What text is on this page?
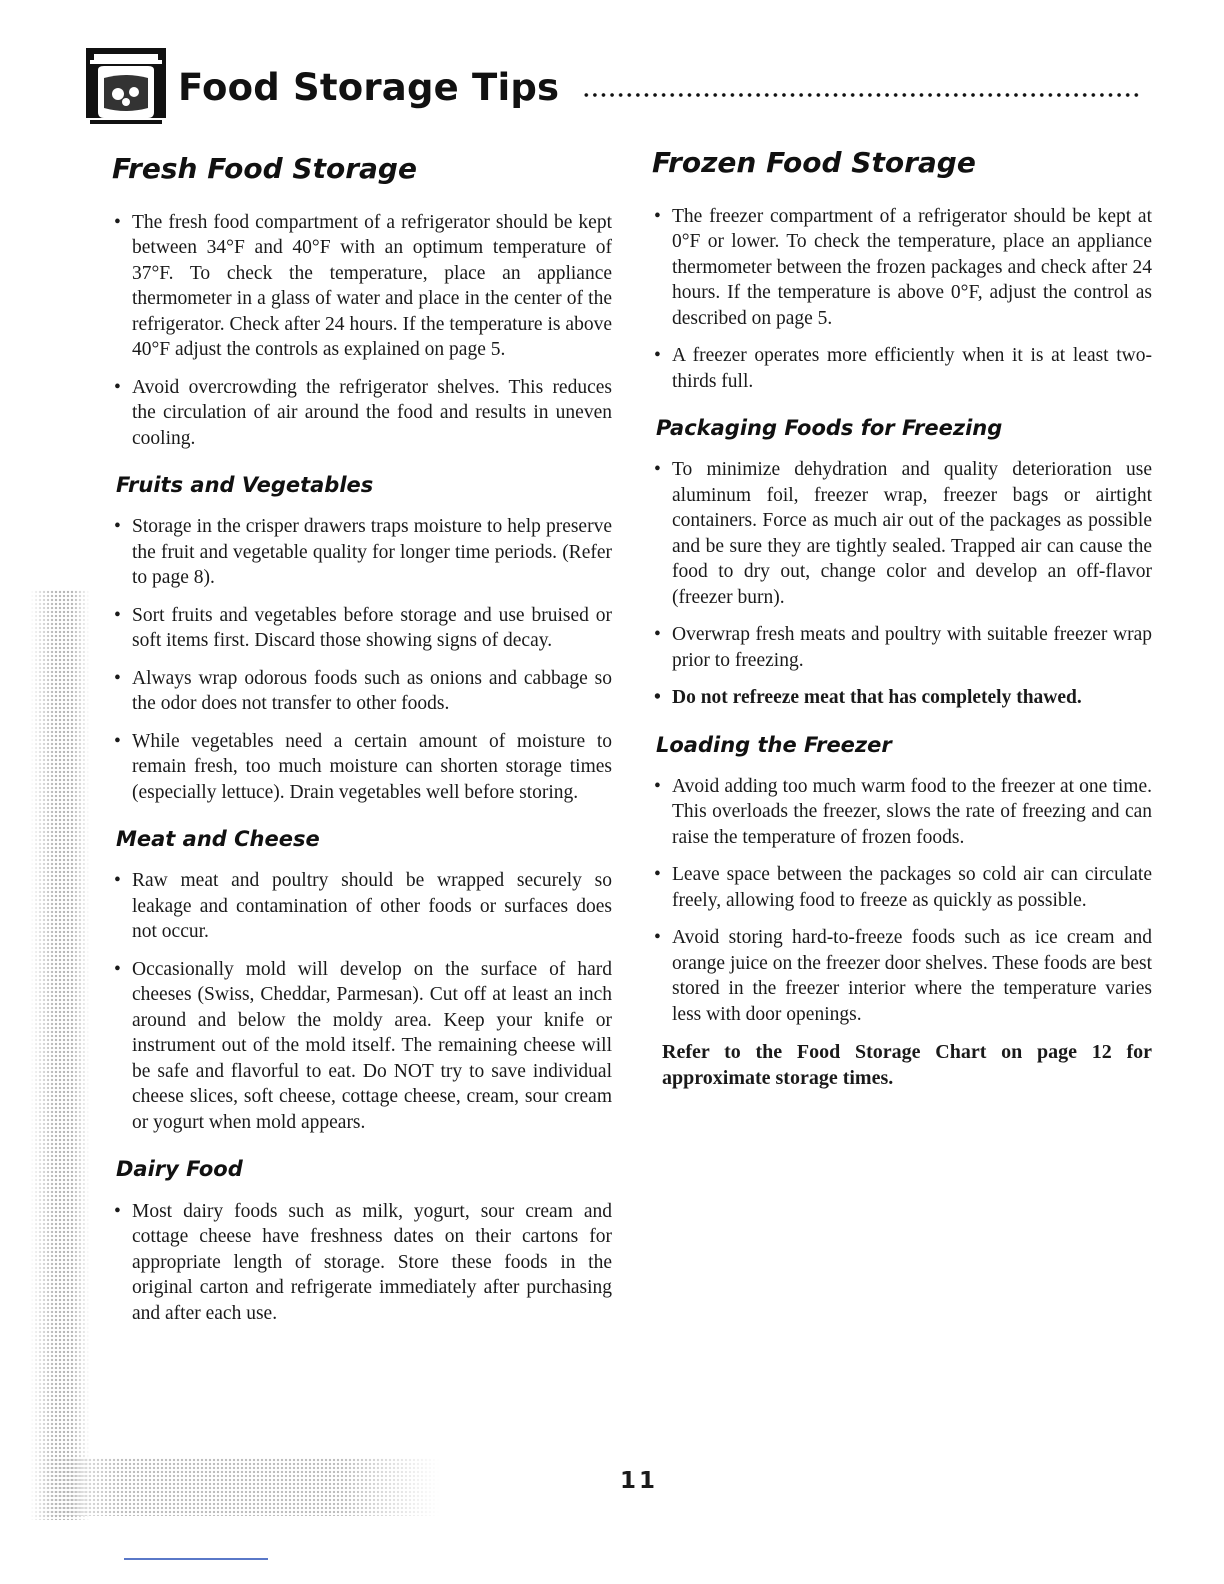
Food Storage Tips
Fresh Food Storage
• The fresh food compartment of a refrigerator should be kept between 34°F and 40°F with an optimum temperature of 37°F. To check the temperature, place an appliance thermometer in a glass of water and place in the center of the refrigerator. Check after 24 hours. If the temperature is above 40°F adjust the controls as explained on page 5.
• Avoid overcrowding the refrigerator shelves. This reduces the circulation of air around the food and results in uneven cooling.
Fruits and Vegetables
• Storage in the crisper drawers traps moisture to help preserve the fruit and vegetable quality for longer time periods. (Refer to page 8).
• Sort fruits and vegetables before storage and use bruised or soft items first. Discard those showing signs of decay.
• Always wrap odorous foods such as onions and cabbage so the odor does not transfer to other foods.
• While vegetables need a certain amount of moisture to remain fresh, too much moisture can shorten storage times (especially lettuce). Drain vegetables well before storing.
Meat and Cheese
• Raw meat and poultry should be wrapped securely so leakage and contamination of other foods or surfaces does not occur.
• Occasionally mold will develop on the surface of hard cheeses (Swiss, Cheddar, Parmesan). Cut off at least an inch around and below the moldy area. Keep your knife or instrument out of the mold itself. The remaining cheese will be safe and flavorful to eat. Do NOT try to save individual cheese slices, soft cheese, cottage cheese, cream, sour cream or yogurt when mold appears.
Dairy Food
• Most dairy foods such as milk, yogurt, sour cream and cottage cheese have freshness dates on their cartons for appropriate length of storage. Store these foods in the original carton and refrigerate immediately after purchasing and after each use.
Frozen Food Storage
• The freezer compartment of a refrigerator should be kept at 0°F or lower. To check the temperature, place an appliance thermometer between the frozen packages and check after 24 hours. If the temperature is above 0°F, adjust the control as described on page 5.
• A freezer operates more efficiently when it is at least two-thirds full.
Packaging Foods for Freezing
• To minimize dehydration and quality deterioration use aluminum foil, freezer wrap, freezer bags or airtight containers. Force as much air out of the packages as possible and be sure they are tightly sealed. Trapped air can cause the food to dry out, change color and develop an off-flavor (freezer burn).
• Overwrap fresh meats and poultry with suitable freezer wrap prior to freezing.
• Do not refreeze meat that has completely thawed.
Loading the Freezer
• Avoid adding too much warm food to the freezer at one time. This overloads the freezer, slows the rate of freezing and can raise the temperature of frozen foods.
• Leave space between the packages so cold air can circulate freely, allowing food to freeze as quickly as possible.
• Avoid storing hard-to-freeze foods such as ice cream and orange juice on the freezer door shelves. These foods are best stored in the freezer interior where the temperature varies less with door openings.

Refer to the Food Storage Chart on page 12 for approximate storage times.

11
